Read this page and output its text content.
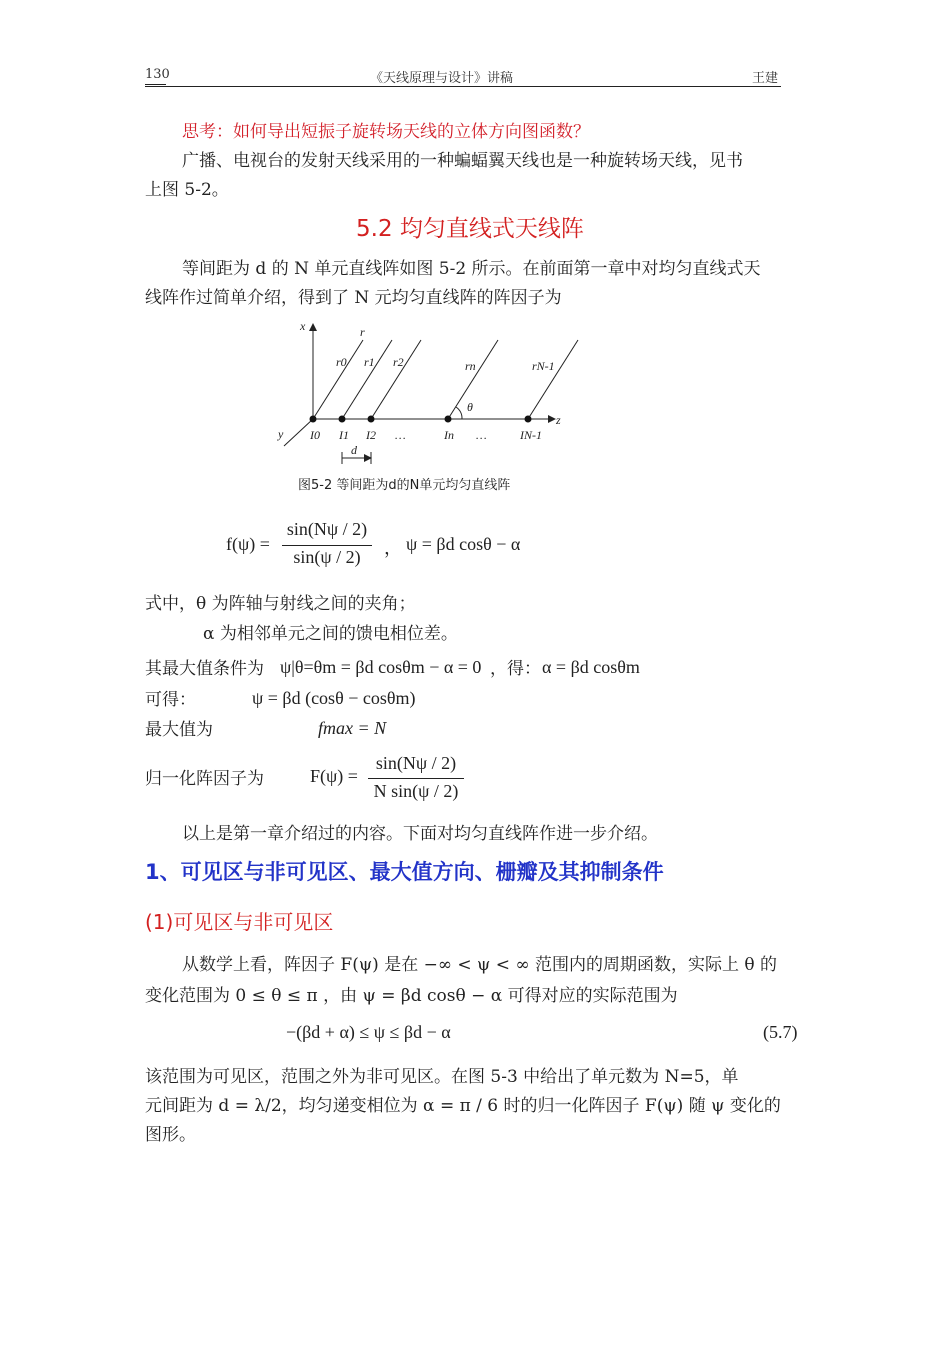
130	《天线原理与设计》讲稿	王建
思考：如何导出短振子旋转场天线的立体方向图函数？
广播、电视台的发射天线采用的一种蝙蝠翼天线也是一种旋转场天线，见书
上图 5-2。
5.2 均匀直线式天线阵
等间距为 d 的 N 单元直线阵如图 5-2 所示。在前面第一章中对均匀直线式天
线阵作过简单介绍，得到了 N 元均匀直线阵的阵因子为
x
y
z
r
r0 r1 r2	rn	rN-1
θ
I0 I1 I2 …	In …	IN-1
d
图5-2 等间距为d的N单元均匀直线阵
f(ψ) =
sin(Nψ / 2)
sin(ψ / 2)	， ψ = βd cosθ − α
式中，θ 为阵轴与射线之间的夹角；
α 为相邻单元之间的馈电相位差。
其最大值条件为 ψ|θ=θm = βd cosθm − α = 0 ，得： α = βd cosθm
可得：	ψ = βd (cosθ − cosθm)
最大值为	fmax = N
归一化阵因子为	F(ψ) =
sin(Nψ / 2)
N sin(ψ / 2)
以上是第一章介绍过的内容。下面对均匀直线阵作进一步介绍。
1、可见区与非可见区、最大值方向、栅瓣及其抑制条件
(1)可见区与非可见区
从数学上看，阵因子 F(ψ) 是在 −∞ < ψ < ∞ 范围内的周期函数，实际上 θ 的
变化范围为 0 ≤ θ ≤ π ，由 ψ = βd cosθ − α 可得对应的实际范围为
−(βd + α) ≤ ψ ≤ βd − α	(5.7)
该范围为可见区，范围之外为非可见区。在图 5-3 中给出了单元数为 N=5，单
元间距为 d = λ/2，均匀递变相位为 α = π / 6 时的归一化阵因子 F(ψ) 随 ψ 变化的
图形。
